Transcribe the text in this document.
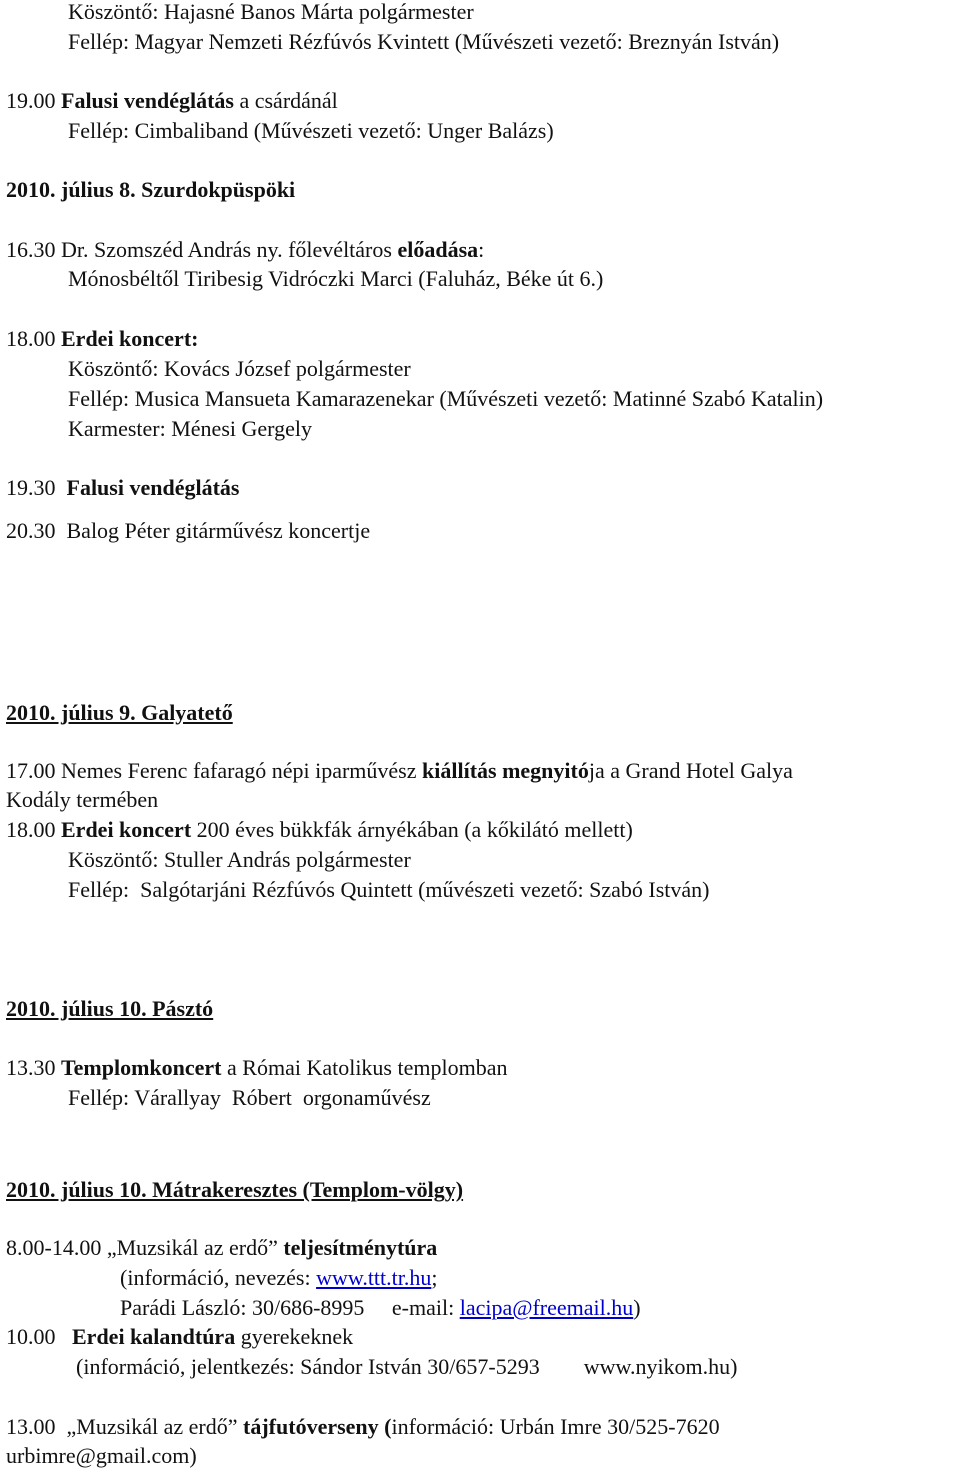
Köszöntő: Hajasné Banos Márta polgármester
Fellép: Magyar Nemzeti Rézfúvós Kvintett (Művészeti vezető: Breznyán István)
19.00 Falusi vendéglátás a csárdánál
Fellép: Cimbaliband (Művészeti vezető: Unger Balázs)
2010. július 8. Szurdokpüspöki
16.30 Dr. Szomszéd András ny. főlevéltáros előadása:
Mónosbéltől Tiribesig Vidróczki Marci (Faluház, Béke út 6.)
18.00 Erdei koncert:
Köszöntő: Kovács József polgármester
Fellép: Musica Mansueta Kamarazenekar (Művészeti vezető: Matinné Szabó Katalin)
Karmester: Ménesi Gergely
19.30 Falusi vendéglátás
20.30  Balog Péter gitárművész koncertje
2010. július 9. Galyatető
17.00 Nemes Ferenc fafaragó népi iparművész kiállítás megnyitója a Grand Hotel Galya
Kodály termében
18.00 Erdei koncert 200 éves bükkfák árnyékában (a kőkilátó mellett)
Köszöntő: Stuller András polgármester
Fellép:  Salgótarjáni Rézfúvós Quintett (művészeti vezető: Szabó István)
2010. július 10. Pásztó
13.30 Templomkoncert a Római Katolikus templomban
Fellép: Várallyay  Róbert  orgonaművész
2010. július 10. Mátrakeresztes (Templom-völgy)
8.00-14.00 „Muzsikál az erdő” teljesítménytúra
(információ, nevezés: www.ttt.tr.hu;
Parádi László: 30/686-8995     e-mail: lacipa@freemail.hu)
10.00 Erdei kalandtúra gyerekeknek
(információ, jelentkezés: Sándor István 30/657-5293        www.nyikom.hu)
13.00  „Muzsikál az erdő” tájfutóverseny (információ: Urbán Imre 30/525-7620
urbimre@gmail.com)
